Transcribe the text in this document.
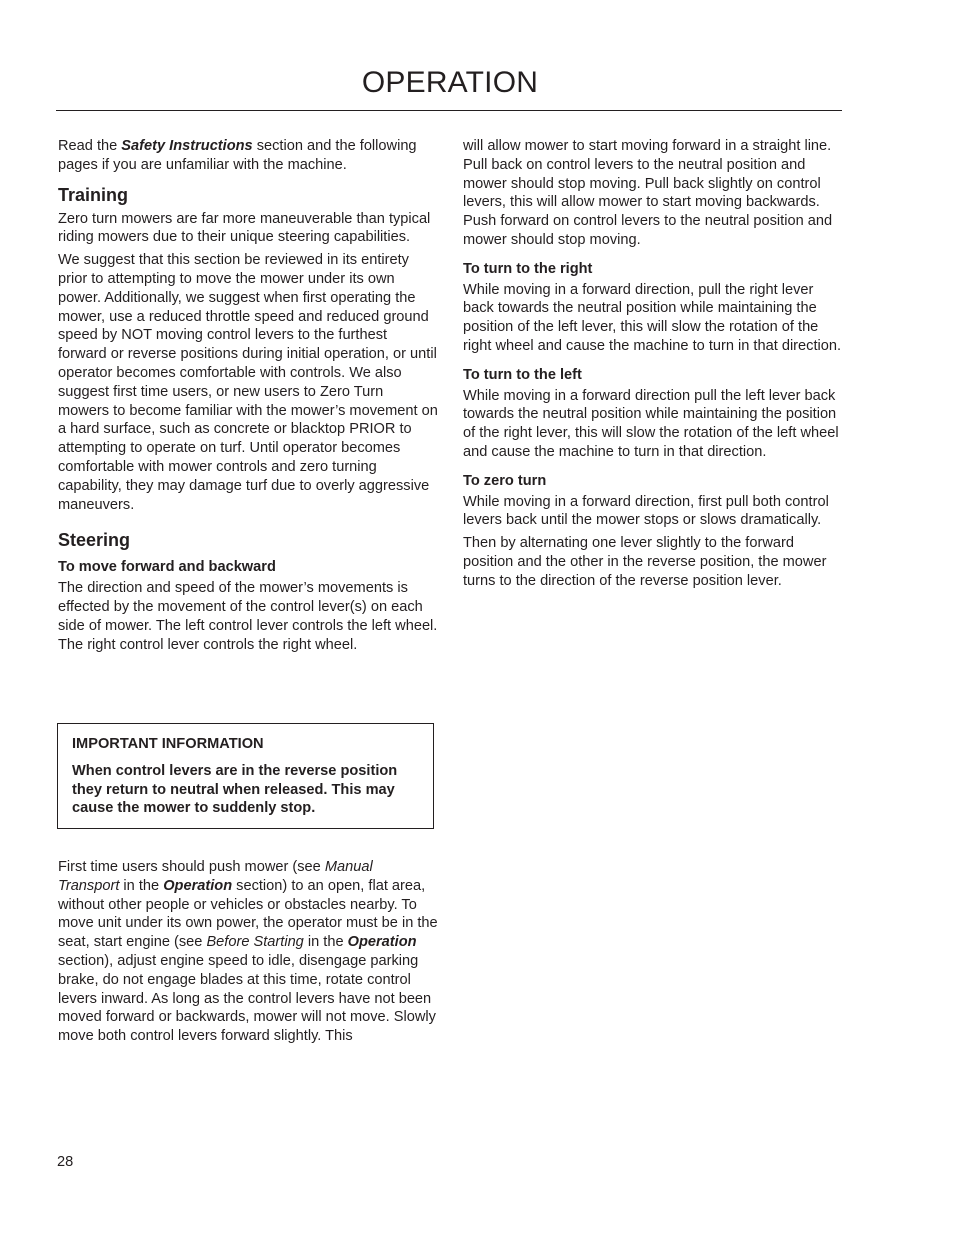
OPERATION

Read the Safety Instructions section and the following pages if you are unfamiliar with the machine.

Training

Zero turn mowers are far more maneuverable than typical riding mowers due to their unique steering capabilities.

We suggest that this section be reviewed in its entirety prior to attempting to move the mower under its own power. Additionally, we suggest when first operating the mower, use a reduced throttle speed and reduced ground speed by NOT moving control levers to the furthest forward or reverse positions during initial operation, or until operator becomes comfortable with controls. We also suggest first time users, or new users to Zero Turn mowers to become familiar with the mower’s movement on a hard surface, such as concrete or blacktop PRIOR to attempting to operate on turf. Until operator becomes comfortable with mower controls and zero turning capability, they may damage turf due to overly aggressive maneuvers.

Steering
To move forward and backward

The direction and speed of the mower’s movements is effected by the movement of the control lever(s) on each side of mower. The left control lever controls the left wheel. The right control lever controls the right wheel.

IMPORTANT INFORMATION
When control levers are in the reverse position they return to neutral when released. This may cause the mower to suddenly stop.

First time users should push mower (see Manual Transport in the Operation section) to an open, flat area, without other people or vehicles or obstacles nearby. To move unit under its own power, the operator must be in the seat, start engine (see Before Starting in the Operation section), adjust engine speed to idle, disengage parking brake, do not engage blades at this time, rotate control levers inward. As long as the control levers have not been moved forward or backwards, mower will not move. Slowly move both control levers forward slightly. This

will allow mower to start moving forward in a straight line. Pull back on control levers to the neutral position and mower should stop moving. Pull back slightly on control levers, this will allow mower to start moving backwards. Push forward on control levers to the neutral position and mower should stop moving.

To turn to the right

While moving in a forward direction, pull the right lever back towards the neutral position while maintaining the position of the left lever, this will slow the rotation of the right wheel and cause the machine to turn in that direction.

To turn to the left

While moving in a forward direction pull the left lever back towards the neutral position while maintaining the position of the right lever, this will slow the rotation of the left wheel and cause the machine to turn in that direction.

To zero turn

While moving in a forward direction, first pull both control levers back until the mower stops or slows dramatically.

Then by alternating one lever slightly to the forward position and the other in the reverse position, the mower turns to the direction of the reverse position lever.

28
